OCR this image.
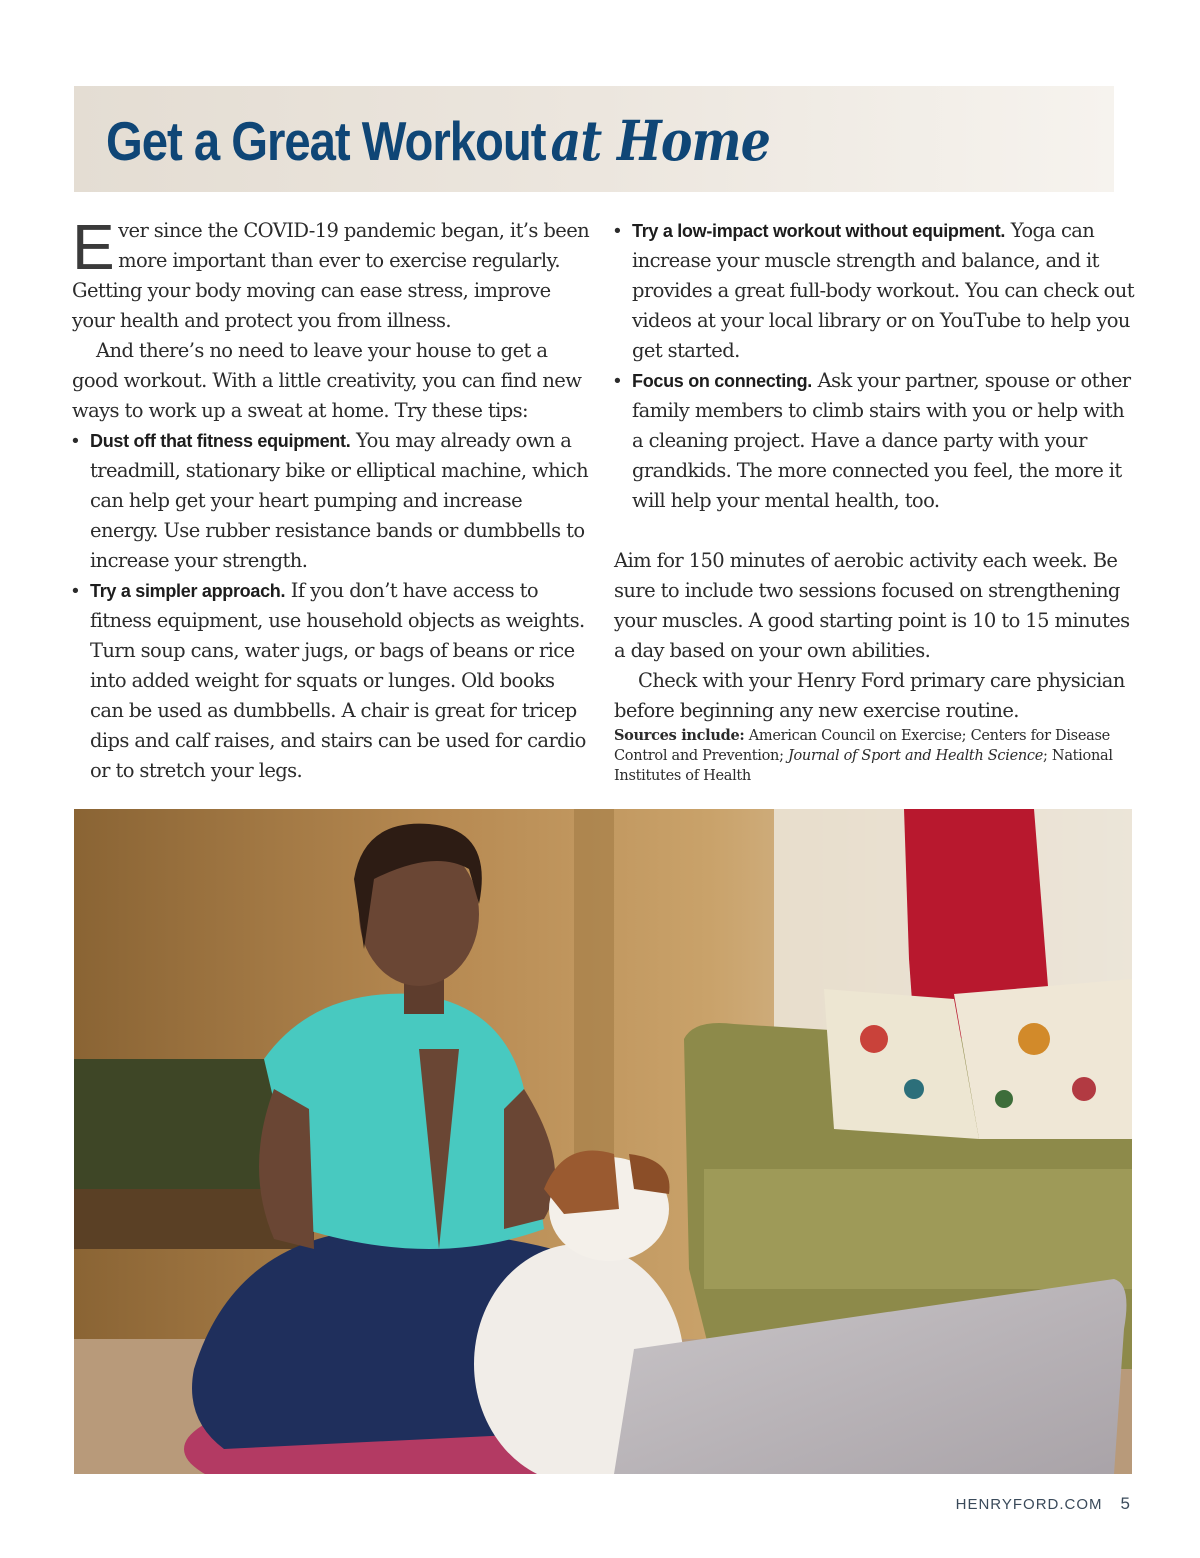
Get a Great Workoutat Home

Ever since the COVID-19 pandemic began, it’s been more important than ever to exercise regularly. Getting your body moving can ease stress, improve your health and protect you from illness.

And there’s no need to leave your house to get a good workout. With a little creativity, you can find new ways to work up a sweat at home. Try these tips:

• Dust off that fitness equipment. You may already own a treadmill, stationary bike or elliptical machine, which can help get your heart pumping and increase energy. Use rubber resistance bands or dumbbells to increase your strength.
• Try a simpler approach. If you don’t have access to fitness equipment, use household objects as weights. Turn soup cans, water jugs, or bags of beans or rice into added weight for squats or lunges. Old books can be used as dumbbells. A chair is great for tricep dips and calf raises, and stairs can be used for cardio or to stretch your legs.
• Try a low-impact workout without equipment. Yoga can increase your muscle strength and balance, and it provides a great full-body workout. You can check out videos at your local library or on YouTube to help you get started.
• Focus on connecting. Ask your partner, spouse or other family members to climb stairs with you or help with a cleaning project. Have a dance party with your grandkids. The more connected you feel, the more it will help your mental health, too.

Aim for 150 minutes of aerobic activity each week. Be sure to include two sessions focused on strengthening your muscles. A good starting point is 10 to 15 minutes a day based on your own abilities.

Check with your Henry Ford primary care physician before beginning any new exercise routine.

Sources include: American Council on Exercise; Centers for Disease Control and Prevention; Journal of Sport and Health Science; National Institutes of Health

HENRYFORD.COM 5
